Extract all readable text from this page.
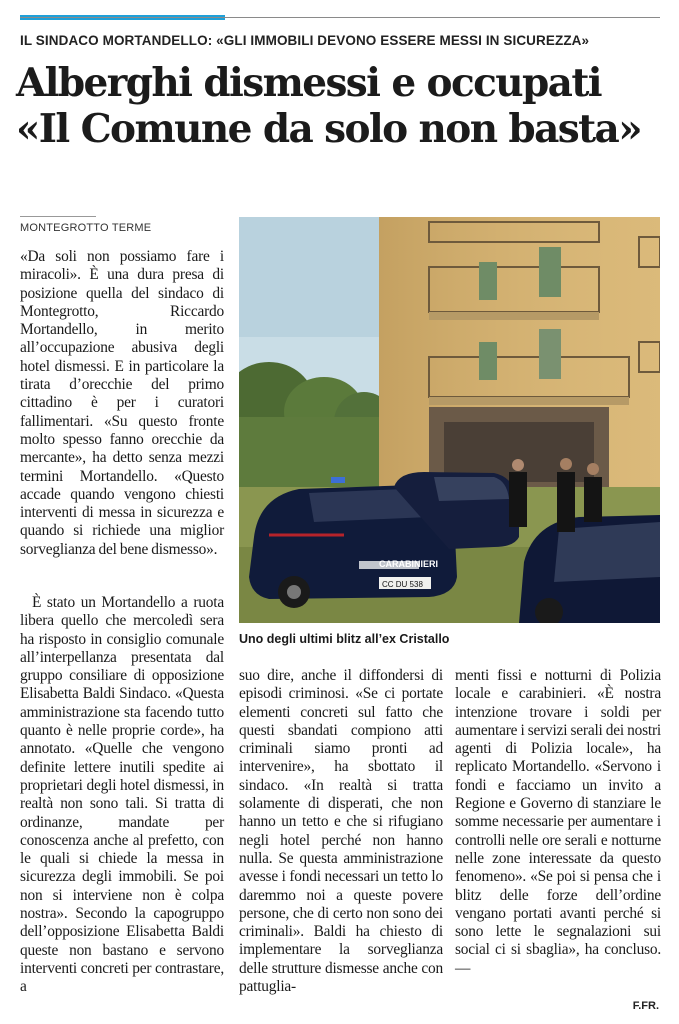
IL SINDACO MORTANDELLO: «GLI IMMOBILI DEVONO ESSERE MESSI IN SICUREZZA»
Alberghi dismessi e occupati
«Il Comune da solo non basta»
MONTEGROTTO TERME

«Da soli non possiamo fare i miracoli». È una dura presa di posizione quella del sindaco di Montegrotto, Riccardo Mortandello, in merito all’occupazione abusiva degli hotel dismessi. E in particolare la tirata d’orecchie del primo cittadino è per i curatori fallimentari. «Su questo fronte molto spesso fanno orecchie da mercante», ha detto senza mezzi termini Mortandello. «Questo accade quando vengono chiesti interventi di messa in sicurezza e quando si richiede una miglior sorveglianza del bene dismesso».

È stato un Mortandello a ruota libera quello che mercoledì sera ha risposto in consiglio comunale all’interpellanza presentata dal gruppo consiliare di opposizione Elisabetta Baldi Sindaco. «Questa amministrazione sta facendo tutto quanto è nelle proprie corde», ha annotato. «Quelle che vengono definite lettere inutili spedite ai proprietari degli hotel dismessi, in realtà non sono tali. Si tratta di ordinanze, mandate per conoscenza anche al prefetto, con le quali si chiede la messa in sicurezza degli immobili. Se poi non si interviene non è colpa nostra». Secondo la capogruppo dell’opposizione Elisabetta Baldi queste non bastano e servono interventi concreti per contrastare, a

CARABINIERI
CC DU 538
Uno degli ultimi blitz all’ex Cristallo

suo dire, anche il diffondersi di episodi criminosi. «Se ci portate elementi concreti sul fatto che questi sbandati compiono atti criminali siamo pronti ad intervenire», ha sbottato il sindaco. «In realtà si tratta solamente di disperati, che non hanno un tetto e che si rifugiano negli hotel perché non hanno nulla. Se questa amministrazione avesse i fondi necessari un tetto lo daremmo noi a queste povere persone, che di certo non sono dei criminali». Baldi ha chiesto di implementare la sorveglianza delle strutture dismesse anche con pattuglia-

menti fissi e notturni di Polizia locale e carabinieri. «È nostra intenzione trovare i soldi per aumentare i servizi serali dei nostri agenti di Polizia locale», ha replicato Mortandello. «Servono i fondi e facciamo un invito a Regione e Governo di stanziare le somme necessarie per aumentare i controlli nelle ore serali e notturne nelle zone interessate da questo fenomeno». «Se poi si pensa che i blitz delle forze dell’ordine vengano portati avanti perché si sono lette le segnalazioni sui social ci si sbaglia», ha concluso. —

F.FR.
